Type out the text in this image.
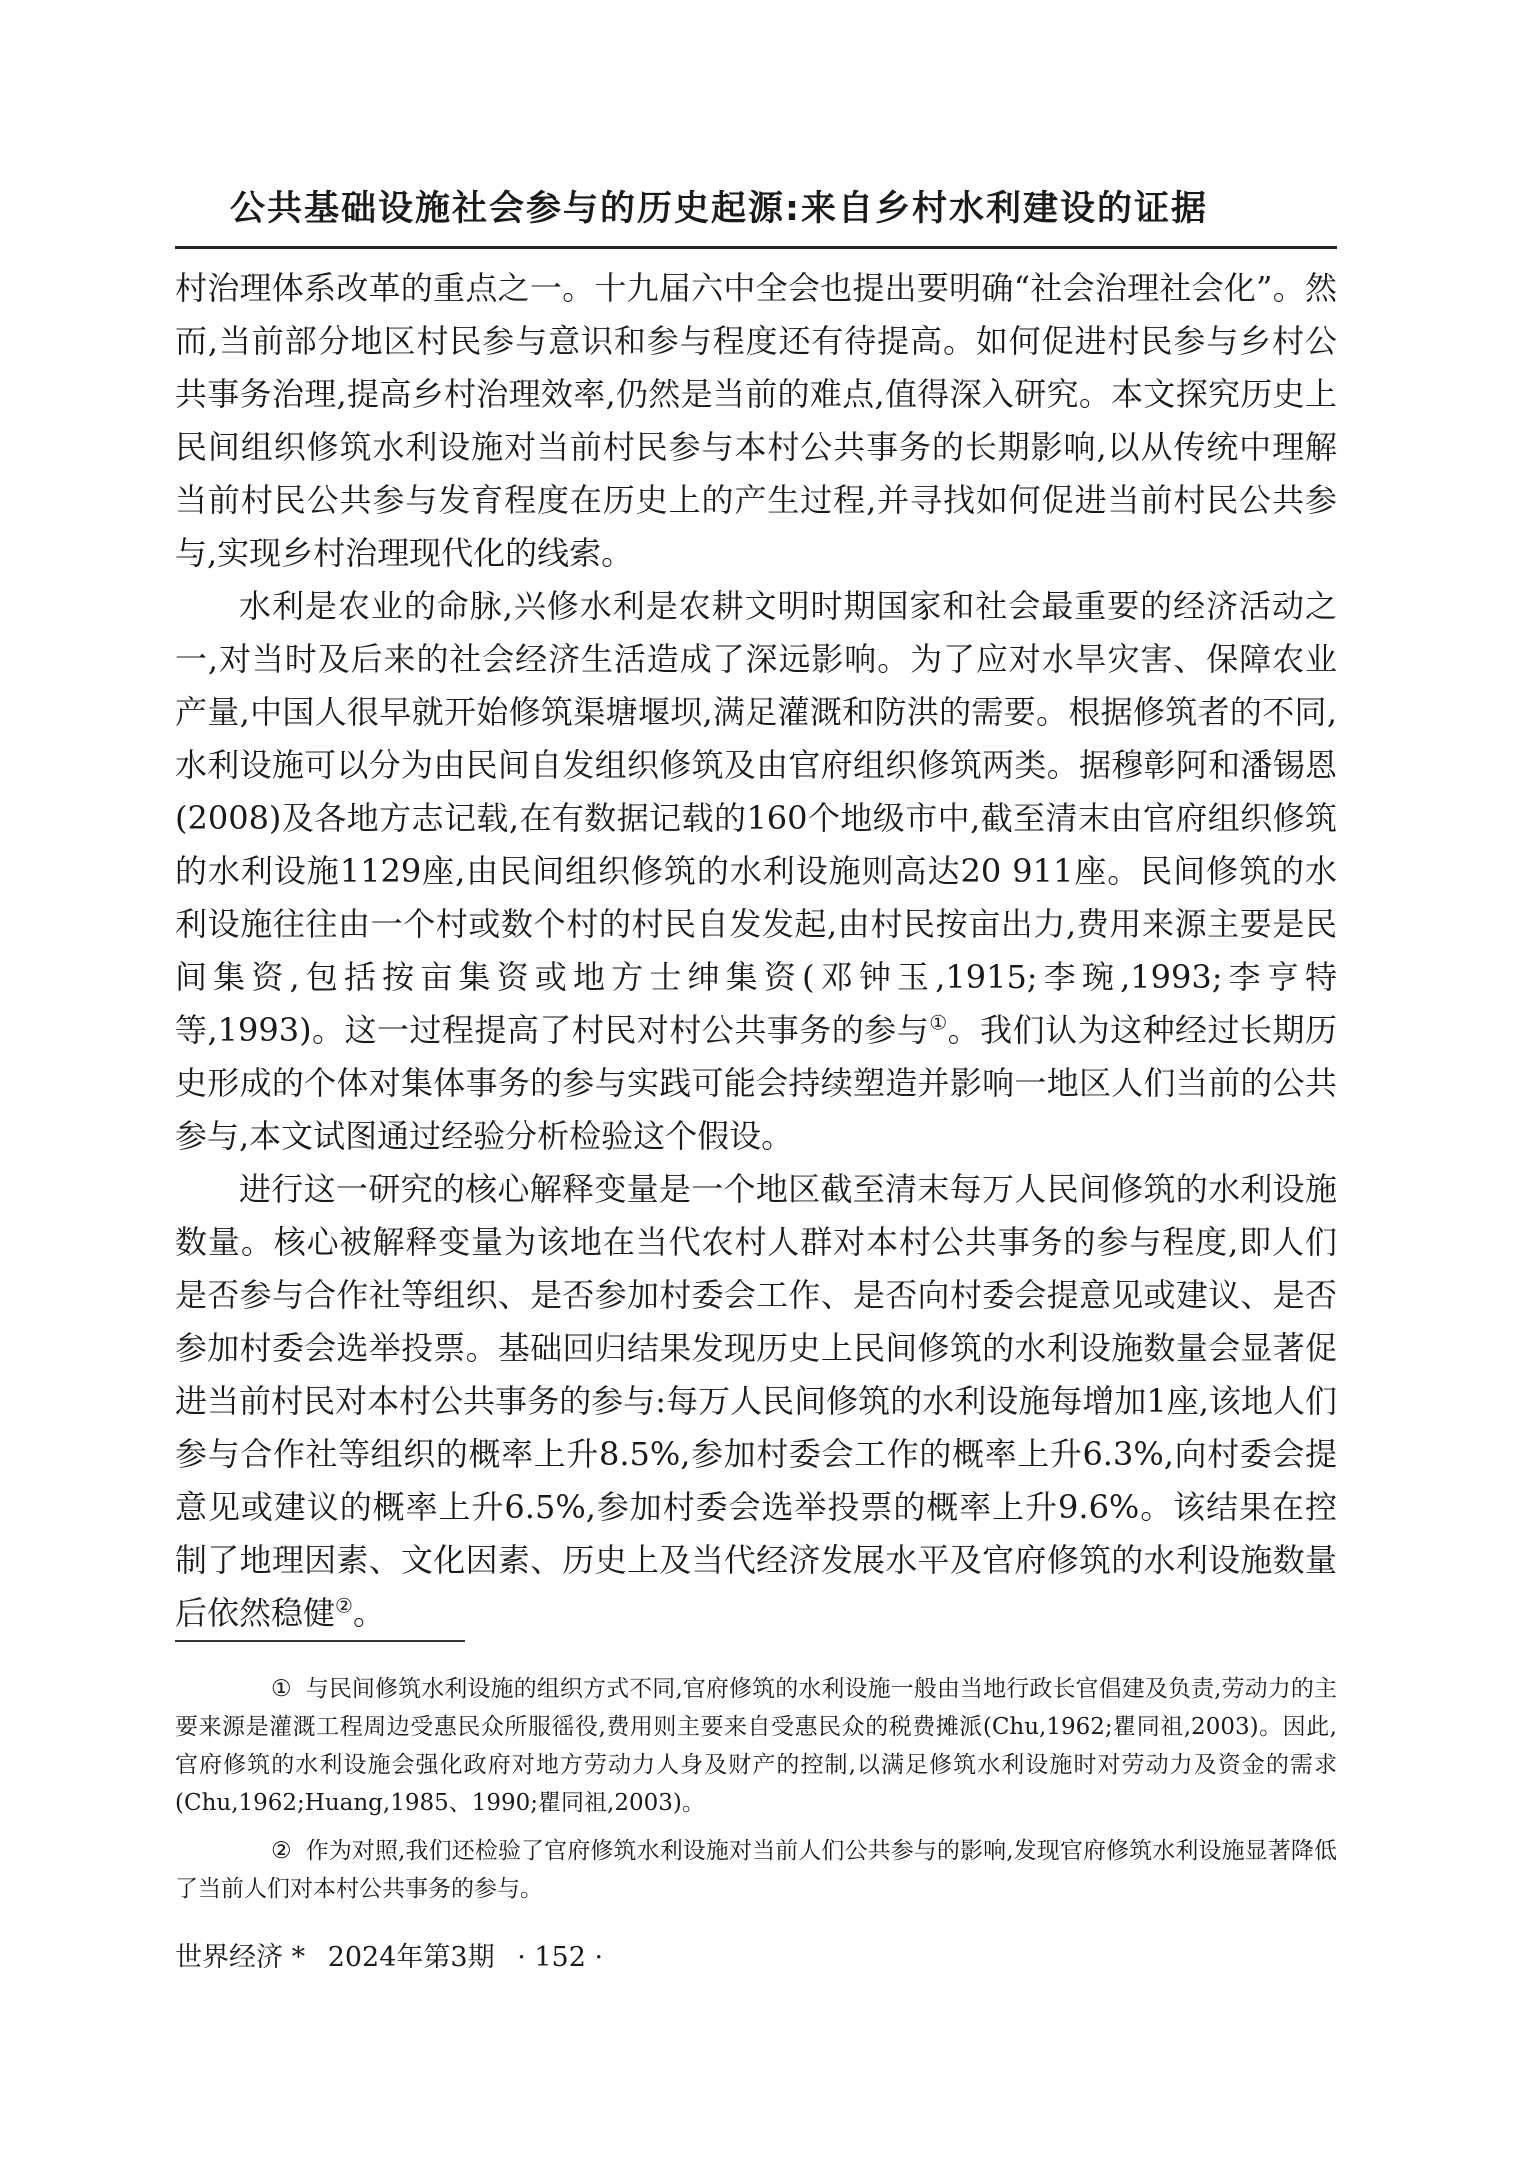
公共基础设施社会参与的历史起源:来自乡村水利建设的证据

村治理体系改革的重点之一。十九届六中全会也提出要明确“社会治理社会化”。然而,当前部分地区村民参与意识和参与程度还有待提高。如何促进村民参与乡村公共事务治理,提高乡村治理效率,仍然是当前的难点,值得深入研究。本文探究历史上民间组织修筑水利设施对当前村民参与本村公共事务的长期影响,以从传统中理解当前村民公共参与发育程度在历史上的产生过程,并寻找如何促进当前村民公共参与,实现乡村治理现代化的线索。

水利是农业的命脉,兴修水利是农耕文明时期国家和社会最重要的经济活动之一,对当时及后来的社会经济生活造成了深远影响。为了应对水旱灾害、保障农业产量,中国人很早就开始修筑渠塘堰坝,满足灌溉和防洪的需要。根据修筑者的不同,水利设施可以分为由民间自发组织修筑及由官府组织修筑两类。据穆彰阿和潘锡恩(2008)及各地方志记载,在有数据记载的160个地级市中,截至清末由官府组织修筑的水利设施1129座,由民间组织修筑的水利设施则高达20 911座。民间修筑的水利设施往往由一个村或数个村的村民自发发起,由村民按亩出力,费用来源主要是民间集资,包括按亩集资或地方士绅集资(邓钟玉,1915;李琬,1993;李亨特等,1993)。这一过程提高了村民对村公共事务的参与①。我们认为这种经过长期历史形成的个体对集体事务的参与实践可能会持续塑造并影响一地区人们当前的公共参与,本文试图通过经验分析检验这个假设。

进行这一研究的核心解释变量是一个地区截至清末每万人民间修筑的水利设施数量。核心被解释变量为该地在当代农村人群对本村公共事务的参与程度,即人们是否参与合作社等组织、是否参加村委会工作、是否向村委会提意见或建议、是否参加村委会选举投票。基础回归结果发现历史上民间修筑的水利设施数量会显著促进当前村民对本村公共事务的参与:每万人民间修筑的水利设施每增加1座,该地人们参与合作社等组织的概率上升8.5%,参加村委会工作的概率上升6.3%,向村委会提意见或建议的概率上升6.5%,参加村委会选举投票的概率上升9.6%。该结果在控制了地理因素、文化因素、历史上及当代经济发展水平及官府修筑的水利设施数量后依然稳健②。

① 与民间修筑水利设施的组织方式不同,官府修筑的水利设施一般由当地行政长官倡建及负责,劳动力的主要来源是灌溉工程周边受惠民众所服徭役,费用则主要来自受惠民众的税费摊派(Chu,1962;瞿同祖,2003)。因此,官府修筑的水利设施会强化政府对地方劳动力人身及财产的控制,以满足修筑水利设施时对劳动力及资金的需求(Chu,1962;Huang,1985、1990;瞿同祖,2003)。

② 作为对照,我们还检验了官府修筑水利设施对当前人们公共参与的影响,发现官府修筑水利设施显著降低了当前人们对本村公共事务的参与。

世界经济 * 2024年第3期 · 152 ·
